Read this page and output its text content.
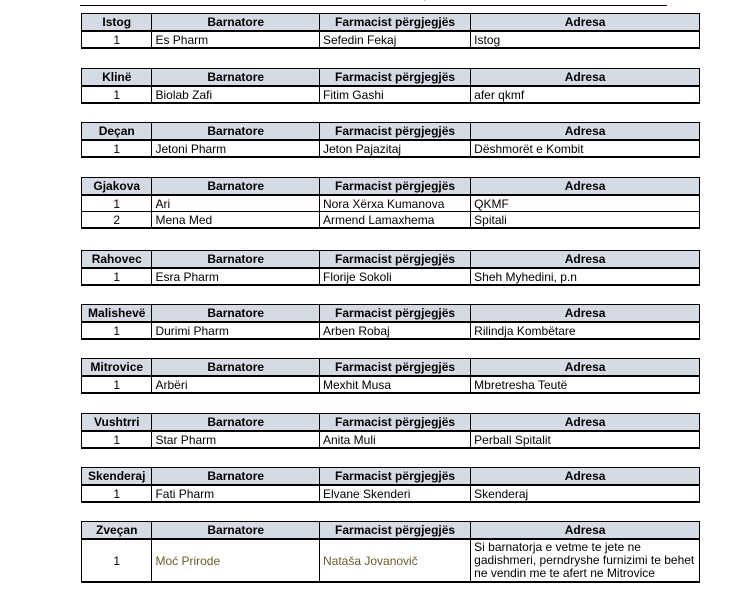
Istog	Barnatore	Farmacist përgjegjës	Adresa
1	Es Pharm	Sefedin Fekaj	Istog
Klinë	Barnatore	Farmacist përgjegjës	Adresa
1	Biolab Zafi	Fitim Gashi	afer qkmf
Deçan	Barnatore	Farmacist përgjegjës	Adresa
1	Jetoni Pharm	Jeton Pajazitaj	Dëshmorët e Kombit
Gjakova	Barnatore	Farmacist përgjegjës	Adresa
1	Ari	Nora Xërxa Kumanova	QKMF
2	Mena Med	Armend Lamaxhema	Spitali
Rahovec	Barnatore	Farmacist përgjegjës	Adresa
1	Esra Pharm	Florije Sokoli	Sheh Myhedini, p.n
Malishevë	Barnatore	Farmacist përgjegjës	Adresa
1	Durimi Pharm	Arben Robaj	Rilindja Kombëtare
Mitrovice	Barnatore	Farmacist përgjegjës	Adresa
1	Arbëri	Mexhit Musa	Mbretresha Teutë
Vushtrri	Barnatore	Farmacist përgjegjës	Adresa
1	Star Pharm	Anita Muli	Perball Spitalit
Skenderaj	Barnatore	Farmacist përgjegjës	Adresa
1	Fati Pharm	Elvane Skenderi	Skenderaj
Zveçan	Barnatore	Farmacist përgjegjës	Adresa
1	Moć Prirode	Nataša Jovanovič	Si barnatorja e vetme te jete ne gadishmeri, perndryshe furnizimi te behet ne vendin me te afert ne Mitrovice
